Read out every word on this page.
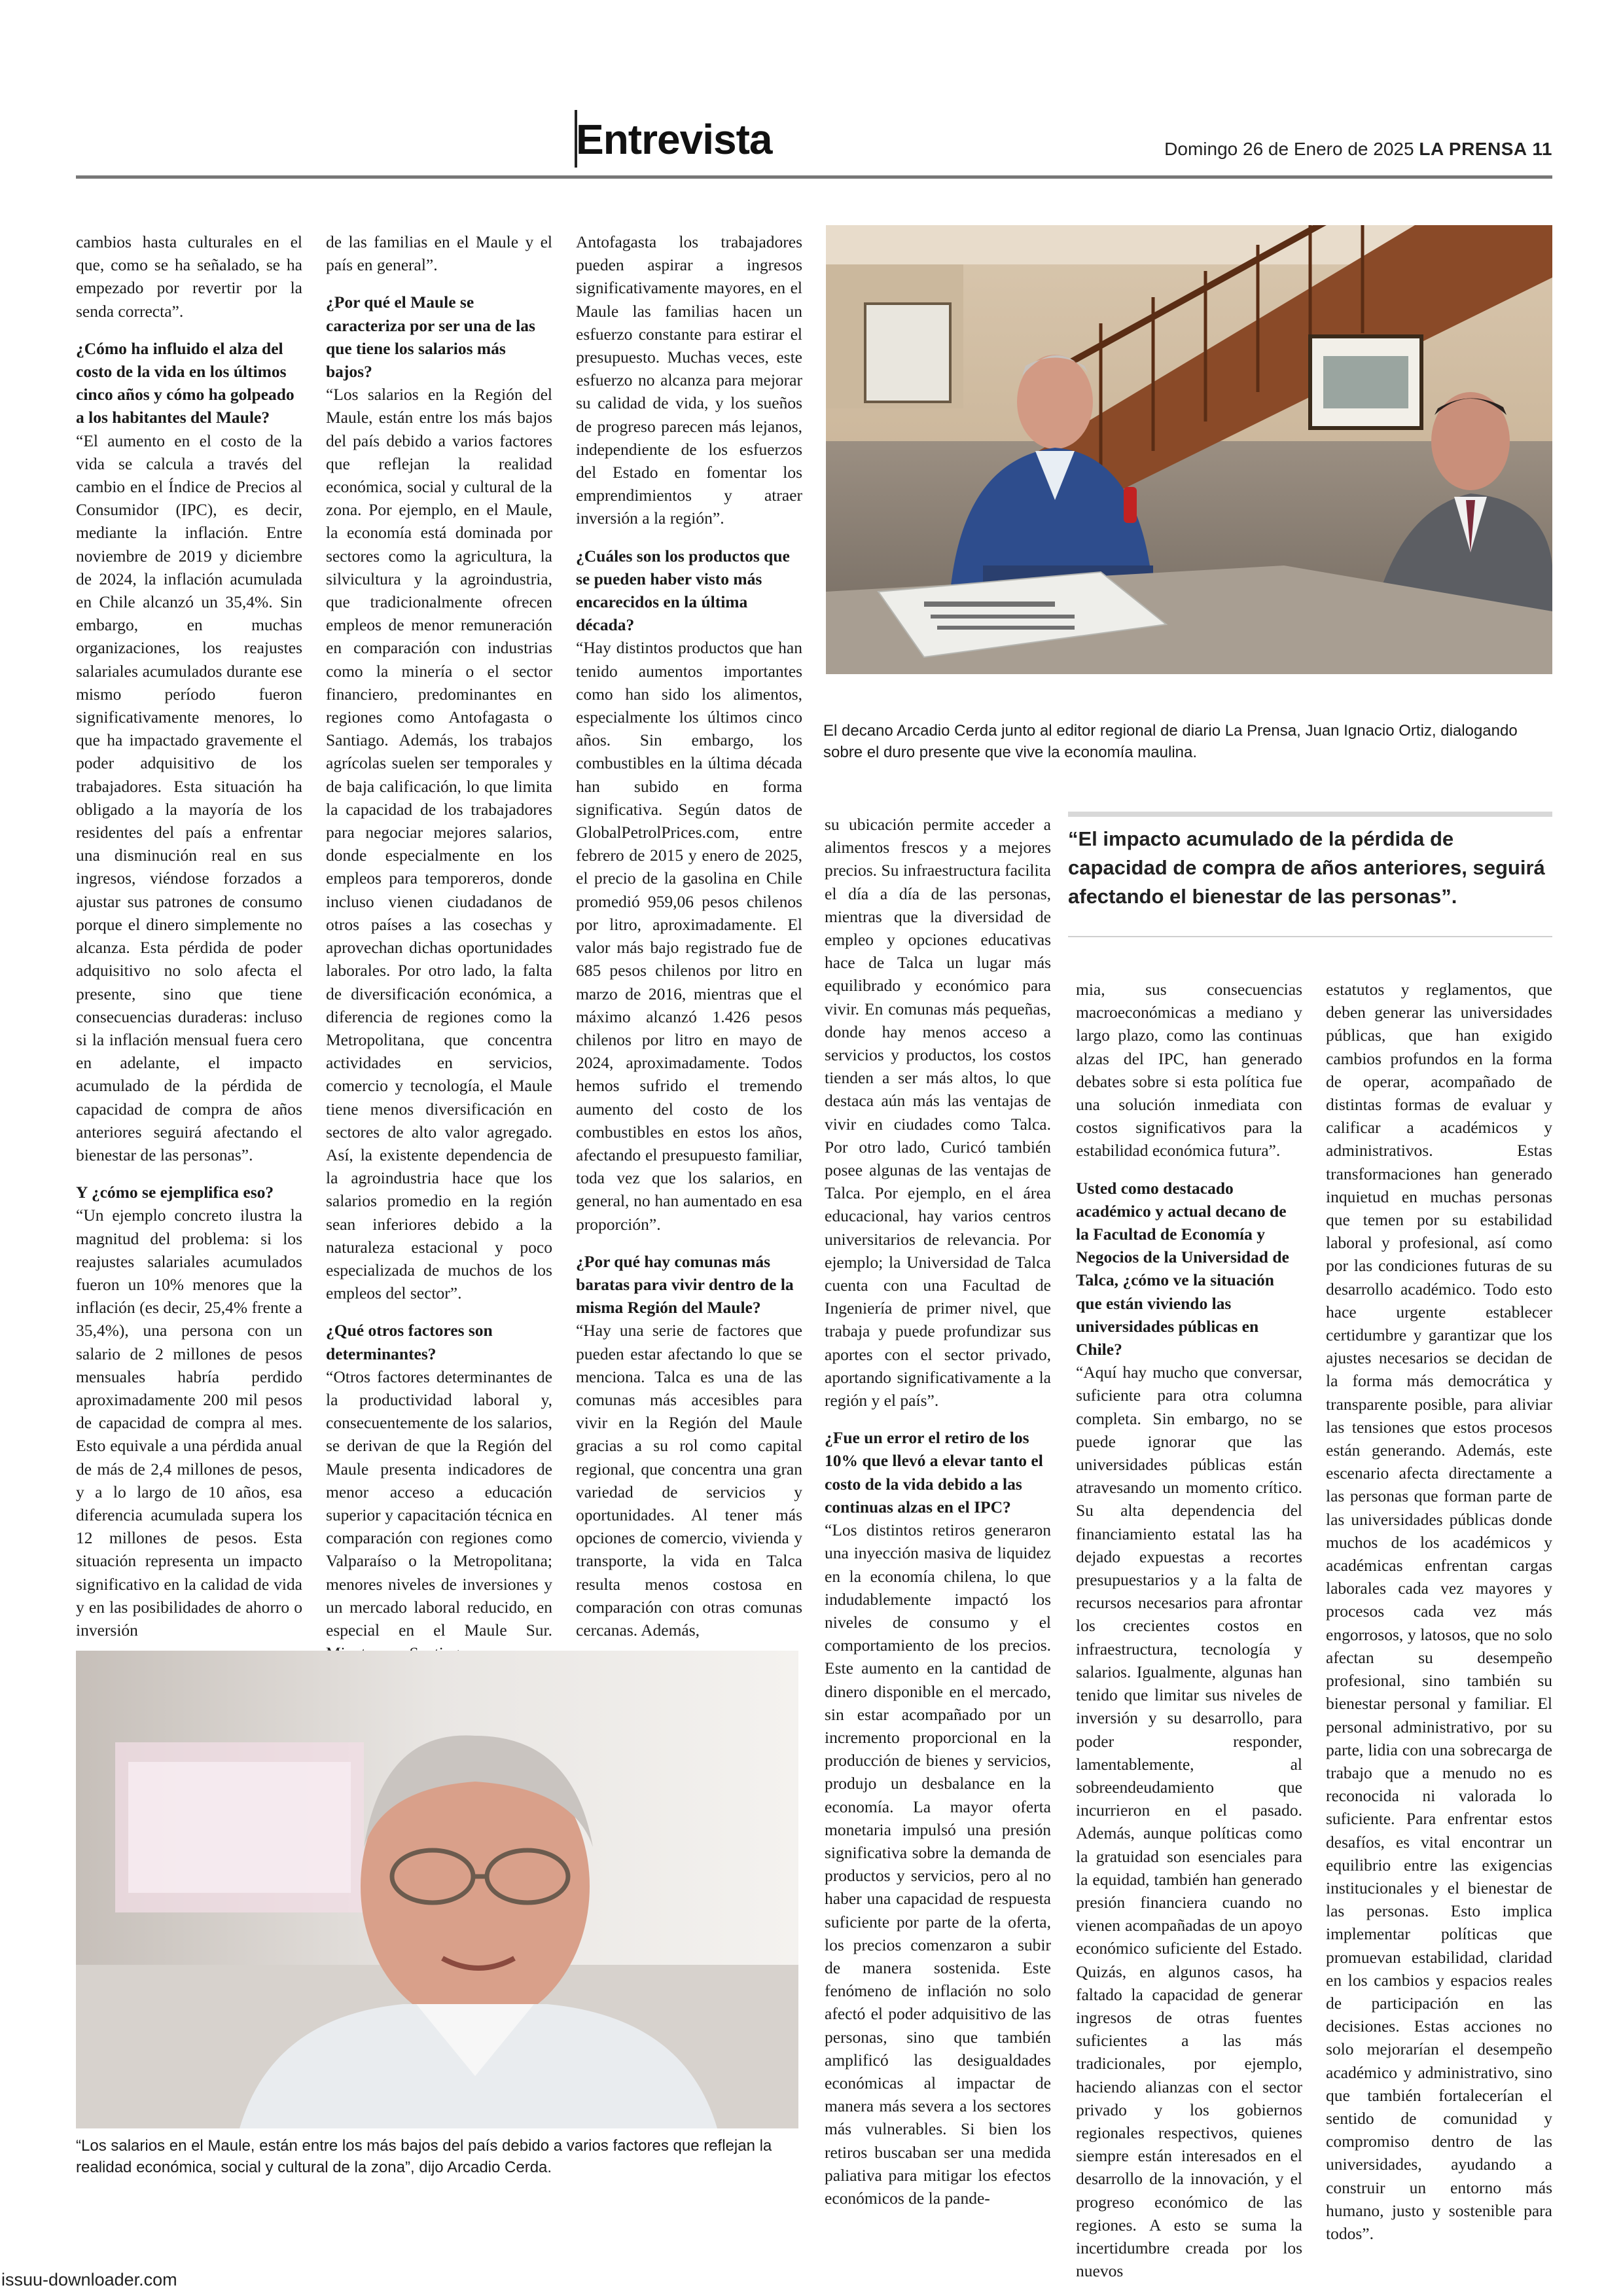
Entrevista	Domingo 26 de Enero de 2025 LA PRENSA 11

cambios hasta culturales en el que, como se ha señalado, se ha empezado por revertir por la senda correcta”.

¿Cómo ha influido el alza del costo de la vida en los últimos cinco años y cómo ha golpeado a los habitantes del Maule?

“El aumento en el costo de la vida se calcula a través del cambio en el Índice de Precios al Consumidor (IPC), es decir, mediante la inflación. Entre noviembre de 2019 y diciembre de 2024, la inflación acumulada en Chile alcanzó un 35,4%. Sin embargo, en muchas organizaciones, los reajustes salariales acumulados durante ese mismo período fueron significativamente menores, lo que ha impactado gravemente el poder adquisitivo de los trabajadores. Esta situación ha obligado a la mayoría de los residentes del país a enfrentar una disminución real en sus ingresos, viéndose forzados a ajustar sus patrones de consumo porque el dinero simplemente no alcanza. Esta pérdida de poder adquisitivo no solo afecta el presente, sino que tiene consecuencias duraderas: incluso si la inflación mensual fuera cero en adelante, el impacto acumulado de la pérdida de capacidad de compra de años anteriores seguirá afectando el bienestar de las personas”.

Y ¿cómo se ejemplifica eso?

“Un ejemplo concreto ilustra la magnitud del problema: si los reajustes salariales acumulados fueron un 10% menores que la inflación (es decir, 25,4% frente a 35,4%), una persona con un salario de 2 millones de pesos mensuales habría perdido aproximadamente 200 mil pesos de capacidad de compra al mes. Esto equivale a una pérdida anual de más de 2,4 millones de pesos, y a lo largo de 10 años, esa diferencia acumulada supera los 12 millones de pesos. Esta situación representa un impacto significativo en la calidad de vida y en las posibilidades de ahorro o inversión

de las familias en el Maule y el país en general”.

¿Por qué el Maule se caracteriza por ser una de las que tiene los salarios más bajos?

“Los salarios en la Región del Maule, están entre los más bajos del país debido a varios factores que reflejan la realidad económica, social y cultural de la zona. Por ejemplo, en el Maule, la economía está dominada por sectores como la agricultura, la silvicultura y la agroindustria, que tradicionalmente ofrecen empleos de menor remuneración en comparación con industrias como la minería o el sector financiero, predominantes en regiones como Antofagasta o Santiago. Además, los trabajos agrícolas suelen ser temporales y de baja calificación, lo que limita la capacidad de los trabajadores para negociar mejores salarios, donde especialmente en los empleos para temporeros, donde incluso vienen ciudadanos de otros países a las cosechas y aprovechan dichas oportunidades laborales. Por otro lado, la falta de diversificación económica, a diferencia de regiones como la Metropolitana, que concentra actividades en servicios, comercio y tecnología, el Maule tiene menos diversificación en sectores de alto valor agregado. Así, la existente dependencia de la agroindustria hace que los salarios promedio en la región sean inferiores debido a la naturaleza estacional y poco especializada de muchos de los empleos del sector”.

¿Qué otros factores son determinantes?

“Otros factores determinantes de la productividad laboral y, consecuentemente de los salarios, se derivan de que la Región del Maule presenta indicadores de menor acceso a educación superior y capacitación técnica en comparación con regiones como Valparaíso o la Metropolitana; menores niveles de inversiones y un mercado laboral reducido, en especial en el Maule Sur.

Antofagasta los trabajadores pueden aspirar a ingresos significativamente mayores, en el Maule las familias hacen un esfuerzo constante para estirar el presupuesto. Muchas veces, este esfuerzo no alcanza para mejorar su calidad de vida, y los sueños de progreso parecen más lejanos, independiente de los esfuerzos del Estado en fomentar los emprendimientos y atraer inversión a la región”.

¿Cuáles son los productos que se pueden haber visto más encarecidos en la última década?

“Hay distintos productos que han tenido aumentos importantes como han sido los alimentos, especialmente los últimos cinco años. Sin embargo, los combustibles en la última década han subido en forma significativa. Según datos de GlobalPetrolPrices.com, entre febrero de 2015 y enero de 2025, el precio de la gasolina en Chile promedió 959,06 pesos chilenos por litro, aproximadamente. El valor más bajo registrado fue de 685 pesos chilenos por litro en marzo de 2016, mientras que el máximo alcanzó 1.426 pesos chilenos por litro en mayo de 2024, aproximadamente. Todos hemos sufrido el tremendo aumento del costo de los combustibles en estos los años, afectando el presupuesto familiar, toda vez que los salarios, en general, no han aumentado en esa proporción”.

¿Por qué hay comunas más baratas para vivir dentro de la misma Región del Maule?

“Hay una serie de factores que pueden estar afectando lo que se menciona. Talca es una de las comunas más accesibles para vivir en la Región del Maule gracias a su rol como capital regional, que concentra una gran variedad de servicios y oportunidades. Al tener más opciones de comercio, vivienda y transporte, la vida en Talca resulta menos costosa en comparación con otras comunas cercanas. Además,

su ubicación permite acceder a alimentos frescos y a mejores precios. Su infraestructura facilita el día a día de las personas, mientras que la diversidad de empleo y opciones educativas hace de Talca un lugar más equilibrado y económico para vivir. En comunas más pequeñas, donde hay menos acceso a servicios y productos, los costos tienden a ser más altos, lo que destaca aún más las ventajas de vivir en ciudades como Talca. Por otro lado, Curicó también posee algunas de las ventajas de Talca. Por ejemplo, en el área educacional, hay varios centros universitarios de relevancia. Por ejemplo; la Universidad de Talca cuenta con una Facultad de Ingeniería de primer nivel, que trabaja y puede profundizar sus aportes con el sector privado, aportando significativamente a la región y el país”.

¿Fue un error el retiro de los 10% que llevó a elevar tanto el costo de la vida debido a las continuas alzas en el IPC?

“Los distintos retiros generaron una inyección masiva de liquidez en la economía chilena, lo que indudablemente impactó los niveles de consumo y el comportamiento de los precios. Este aumento en la cantidad de dinero disponible en el mercado, sin estar acompañado por un incremento proporcional en la producción de bienes y servicios, produjo un desbalance en la economía. La mayor oferta monetaria impulsó una presión significativa sobre la demanda de productos y servicios, pero al no haber una capacidad de respuesta suficiente por parte de la oferta, los precios comenzaron a subir de manera sostenida. Este fenómeno de inflación no solo afectó el poder adquisitivo de las personas, sino que también amplificó las desigualdades económicas al impactar de manera más severa a los sectores más vulnerables. Si bien los retiros buscaban ser una medida paliativa para mitigar los efectos económicos de la pande-

mia, sus consecuencias macroeconómicas a mediano y largo plazo, como las continuas alzas del IPC, han generado debates sobre si esta política fue una solución inmediata con costos significativos para la estabilidad económica futura”.

Usted como destacado académico y actual decano de la Facultad de Economía y Negocios de la Universidad de Talca, ¿cómo ve la situación que están viviendo las universidades públicas en Chile?

“Aquí hay mucho que conversar, suficiente para otra columna completa. Sin embargo, no se puede ignorar que las universidades públicas están atravesando un momento crítico. Su alta dependencia del financiamiento estatal las ha dejado expuestas a recortes presupuestarios y a la falta de recursos necesarios para afrontar los crecientes costos en infraestructura, tecnología y salarios. Igualmente, algunas han tenido que limitar sus niveles de inversión y su desarrollo, para poder responder, lamentablemente, al sobreendeudamiento que incurrieron en el pasado. Además, aunque políticas como la gratuidad son esenciales para la equidad, también han generado presión financiera cuando no vienen acompañadas de un apoyo económico suficiente del Estado. Quizás, en algunos casos, ha faltado la capacidad de generar ingresos de otras fuentes suficientes a las más tradicionales, por ejemplo, haciendo alianzas con el sector privado y los gobiernos regionales respectivos, quienes siempre están interesados en el desarrollo de la innovación, y el progreso económico de las regiones. A esto se suma la incertidumbre creada por los nuevos

estatutos y reglamentos, que deben generar las universidades públicas, que han exigido cambios profundos en la forma de operar, acompañado de distintas formas de evaluar y calificar a académicos y administrativos. Estas transformaciones han generado inquietud en muchas personas que temen por su estabilidad laboral y profesional, así como por las condiciones futuras de su desarrollo académico. Todo esto hace urgente establecer certidumbre y garantizar que los ajustes necesarios se decidan de la forma más democrática y transparente posible, para aliviar las tensiones que estos procesos están generando. Además, este escenario afecta directamente a las personas que forman parte de las universidades públicas donde muchos de los académicos y académicas enfrentan cargas laborales cada vez mayores y procesos cada vez más engorrosos, y latosos, que no solo afectan su desempeño profesional, sino también su bienestar personal y familiar. El personal administrativo, por su parte, lidia con una sobrecarga de trabajo que a menudo no es reconocida ni valorada lo suficiente. Para enfrentar estos desafíos, es vital encontrar un equilibrio entre las exigencias institucionales y el bienestar de las personas. Esto implica implementar políticas que promuevan estabilidad, claridad en los cambios y espacios reales de participación en las decisiones. Estas acciones no solo mejorarían el desempeño académico y administrativo, sino que también fortalecerían el sentido de comunidad y compromiso dentro de las universidades, ayudando a construir un entorno más humano, justo y sostenible para todos”.

El decano Arcadio Cerda junto al editor regional de diario La Prensa, Juan Ignacio Ortiz, dialogando sobre el duro presente que vive la economía maulina.
“El impacto acumulado de la pérdida de capacidad de compra de años anteriores, seguirá afectando el bienestar de las personas”.
“Los salarios en el Maule, están entre los más bajos del país debido a varios factores que reflejan la realidad económica, social y cultural de la zona”, dijo Arcadio Cerda.
issuu-downloader.com
